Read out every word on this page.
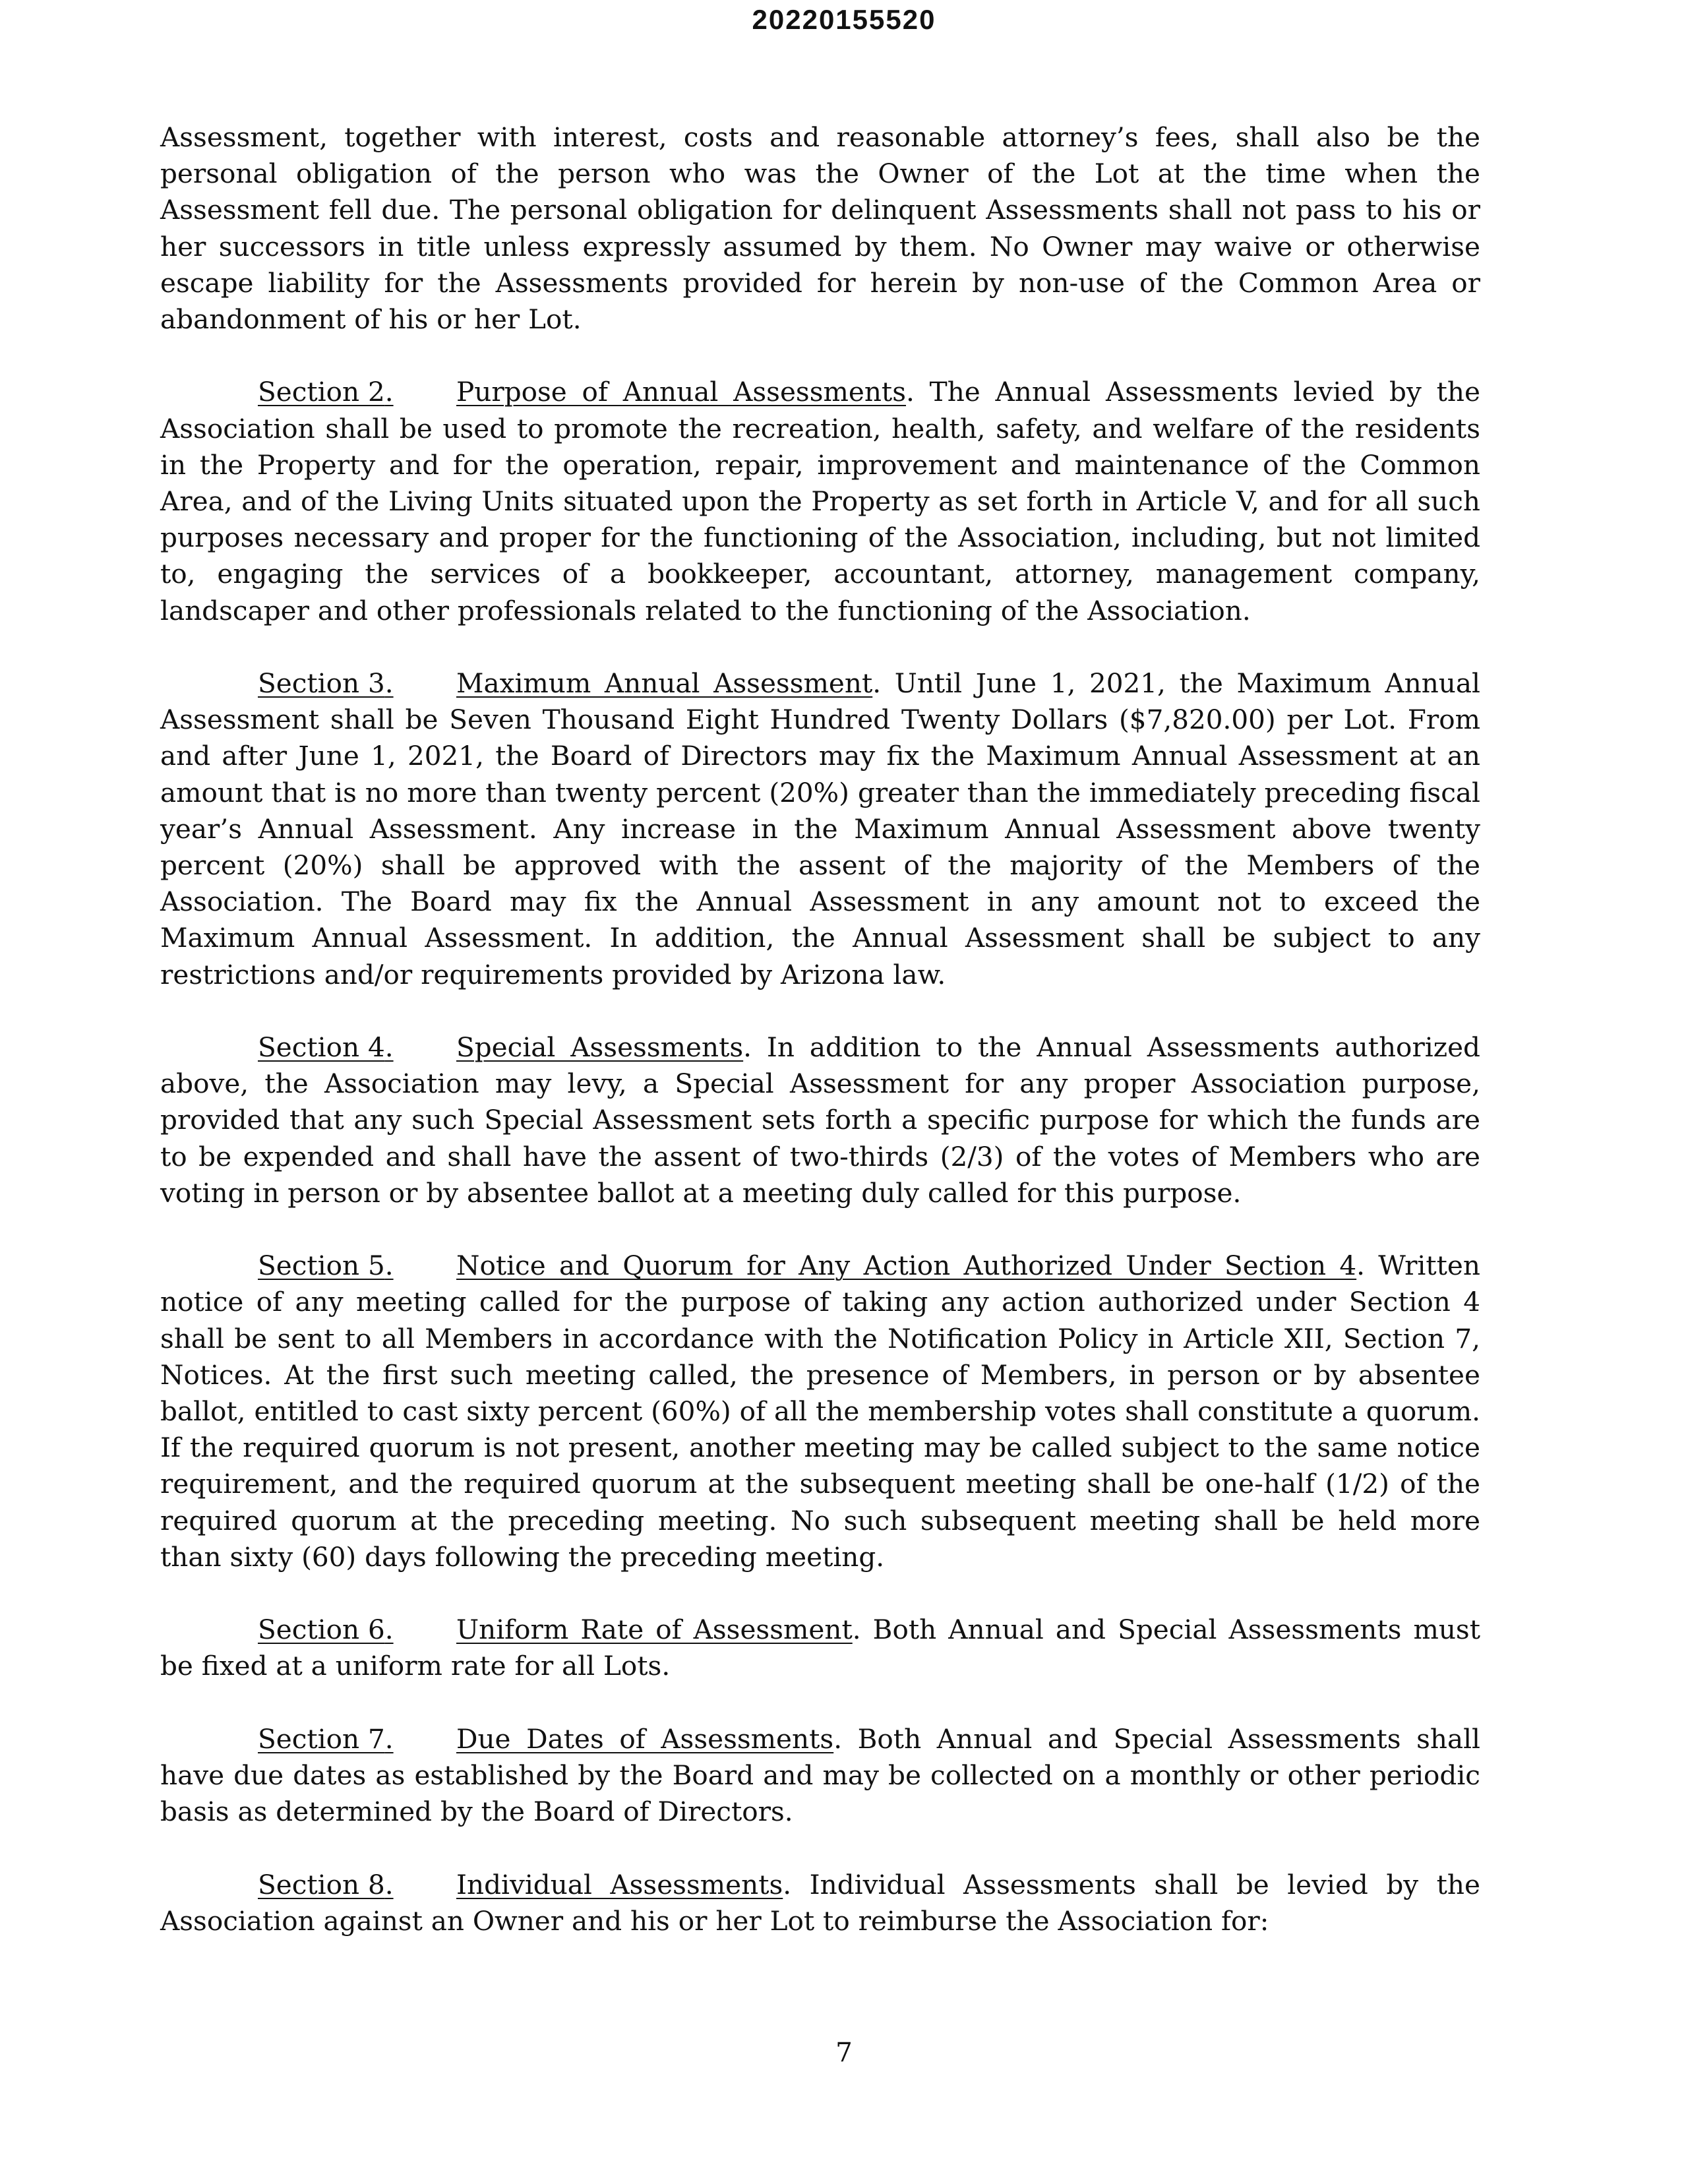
20220155520

Assessment, together with interest, costs and reasonable attorney’s fees, shall also be the personal obligation of the person who was the Owner of the Lot at the time when the Assessment fell due. The personal obligation for delinquent Assessments shall not pass to his or her successors in title unless expressly assumed by them. No Owner may waive or otherwise escape liability for the Assessments provided for herein by non-use of the Common Area or abandonment of his or her Lot.

Section 2. Purpose of Annual Assessments. The Annual Assessments levied by the Association shall be used to promote the recreation, health, safety, and welfare of the residents in the Property and for the operation, repair, improvement and maintenance of the Common Area, and of the Living Units situated upon the Property as set forth in Article V, and for all such purposes necessary and proper for the functioning of the Association, including, but not limited to, engaging the services of a bookkeeper, accountant, attorney, management company, landscaper and other professionals related to the functioning of the Association.

Section 3. Maximum Annual Assessment. Until June 1, 2021, the Maximum Annual Assessment shall be Seven Thousand Eight Hundred Twenty Dollars ($7,820.00) per Lot. From and after June 1, 2021, the Board of Directors may fix the Maximum Annual Assessment at an amount that is no more than twenty percent (20%) greater than the immediately preceding fiscal year’s Annual Assessment. Any increase in the Maximum Annual Assessment above twenty percent (20%) shall be approved with the assent of the majority of the Members of the Association. The Board may fix the Annual Assessment in any amount not to exceed the Maximum Annual Assessment. In addition, the Annual Assessment shall be subject to any restrictions and/or requirements provided by Arizona law.

Section 4. Special Assessments. In addition to the Annual Assessments authorized above, the Association may levy, a Special Assessment for any proper Association purpose, provided that any such Special Assessment sets forth a specific purpose for which the funds are to be expended and shall have the assent of two-thirds (2/3) of the votes of Members who are voting in person or by absentee ballot at a meeting duly called for this purpose.

Section 5. Notice and Quorum for Any Action Authorized Under Section 4. Written notice of any meeting called for the purpose of taking any action authorized under Section 4 shall be sent to all Members in accordance with the Notification Policy in Article XII, Section 7, Notices. At the first such meeting called, the presence of Members, in person or by absentee ballot, entitled to cast sixty percent (60%) of all the membership votes shall constitute a quorum. If the required quorum is not present, another meeting may be called subject to the same notice requirement, and the required quorum at the subsequent meeting shall be one-half (1/2) of the required quorum at the preceding meeting. No such subsequent meeting shall be held more than sixty (60) days following the preceding meeting.

Section 6. Uniform Rate of Assessment. Both Annual and Special Assessments must be fixed at a uniform rate for all Lots.

Section 7. Due Dates of Assessments. Both Annual and Special Assessments shall have due dates as established by the Board and may be collected on a monthly or other periodic basis as determined by the Board of Directors.

Section 8. Individual Assessments. Individual Assessments shall be levied by the Association against an Owner and his or her Lot to reimburse the Association for:

7
